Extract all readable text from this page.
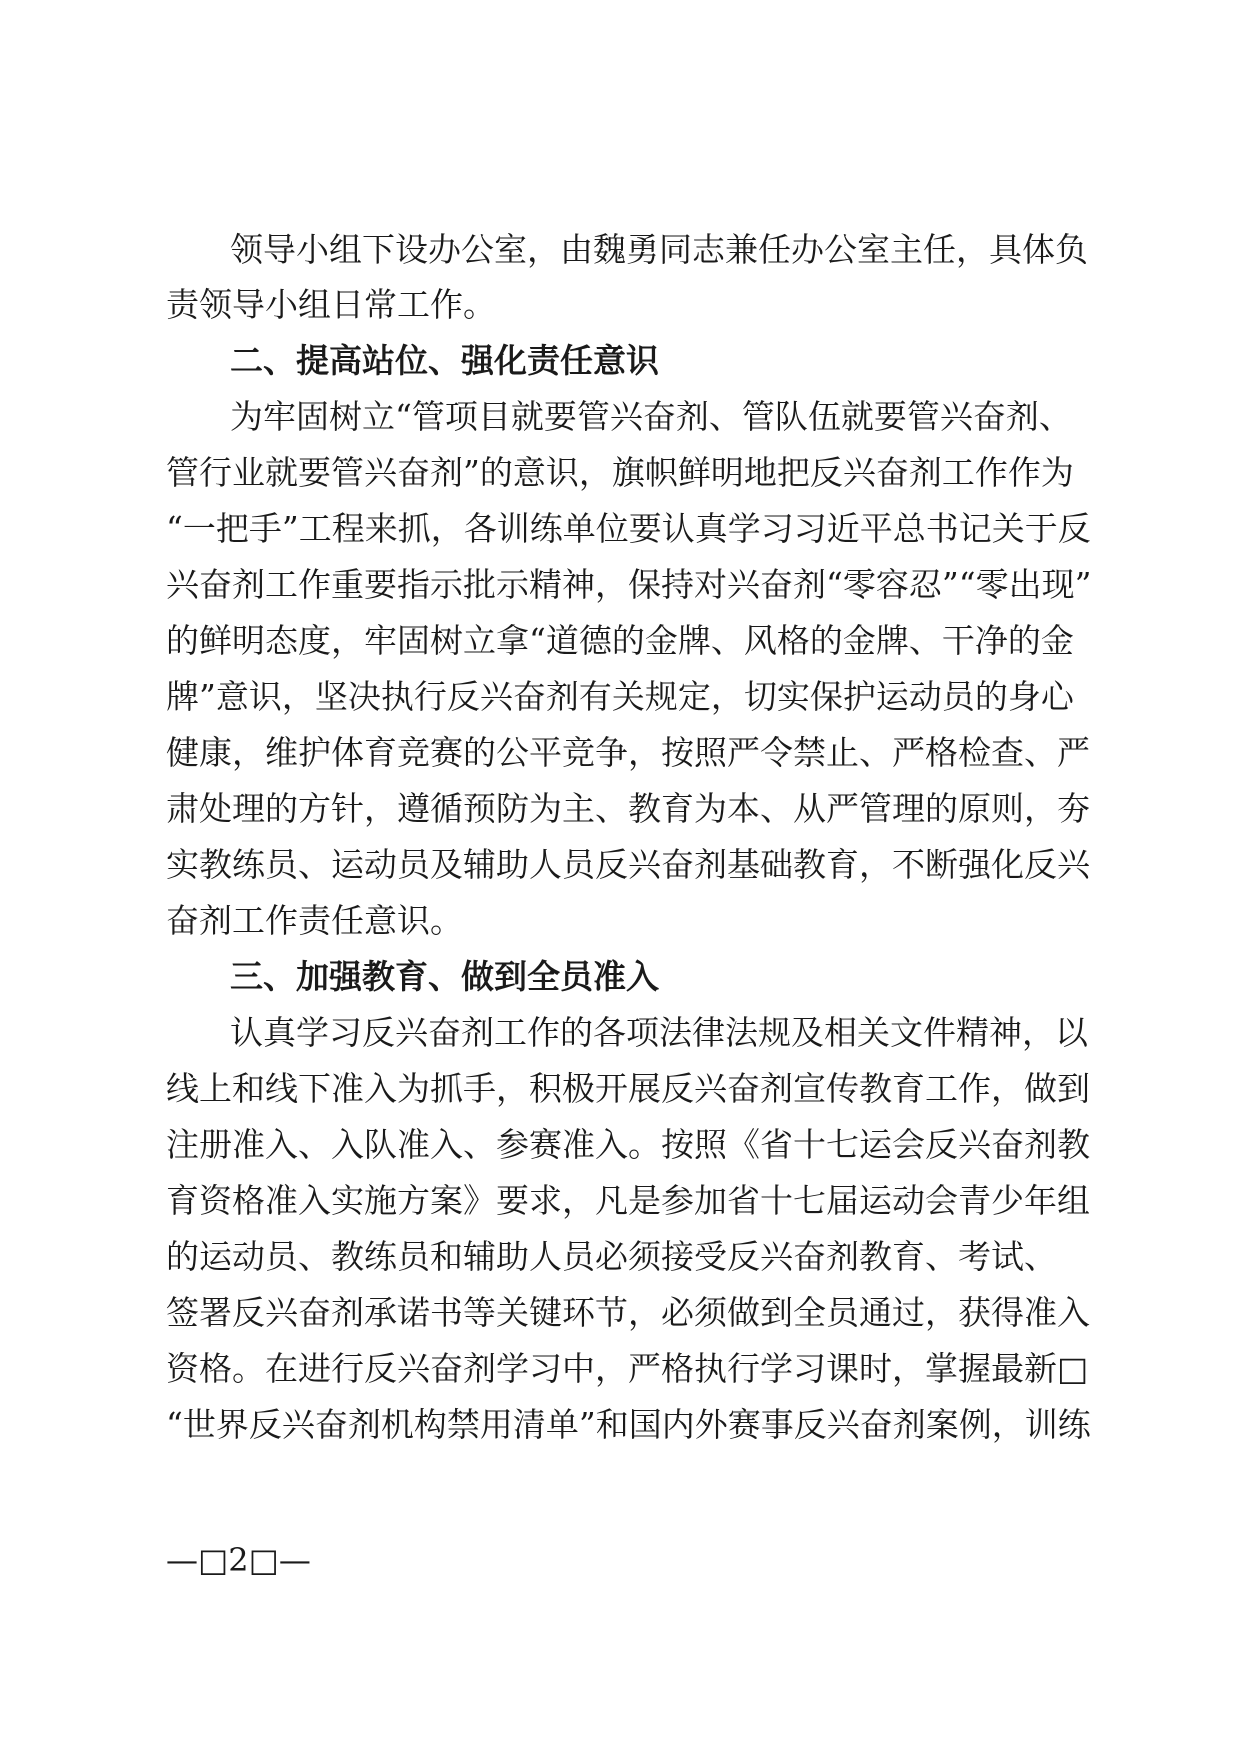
领导小组下设办公室，由魏勇同志兼任办公室主任，具体负
责领导小组日常工作。
二、提高站位、强化责任意识
为牢固树立“管项目就要管兴奋剂、管队伍就要管兴奋剂、
管行业就要管兴奋剂”的意识，旗帜鲜明地把反兴奋剂工作作为
“一把手”工程来抓，各训练单位要认真学习习近平总书记关于反
兴奋剂工作重要指示批示精神，保持对兴奋剂“零容忍”“零出现”
的鲜明态度，牢固树立拿“道德的金牌、风格的金牌、干净的金
牌”意识，坚决执行反兴奋剂有关规定，切实保护运动员的身心
健康，维护体育竞赛的公平竞争，按照严令禁止、严格检查、严
肃处理的方针，遵循预防为主、教育为本、从严管理的原则，夯
实教练员、运动员及辅助人员反兴奋剂基础教育，不断强化反兴
奋剂工作责任意识。
三、加强教育、做到全员准入
认真学习反兴奋剂工作的各项法律法规及相关文件精神，以
线上和线下准入为抓手，积极开展反兴奋剂宣传教育工作，做到
注册准入、入队准入、参赛准入。按照《省十七运会反兴奋剂教
育资格准入实施方案》要求，凡是参加省十七届运动会青少年组
的运动员、教练员和辅助人员必须接受反兴奋剂教育、考试、
签署反兴奋剂承诺书等关键环节，必须做到全员通过，获得准入
资格。在进行反兴奋剂学习中，严格执行学习课时，掌握最新□
“世界反兴奋剂机构禁用清单”和国内外赛事反兴奋剂案例，训练
—□2□—
